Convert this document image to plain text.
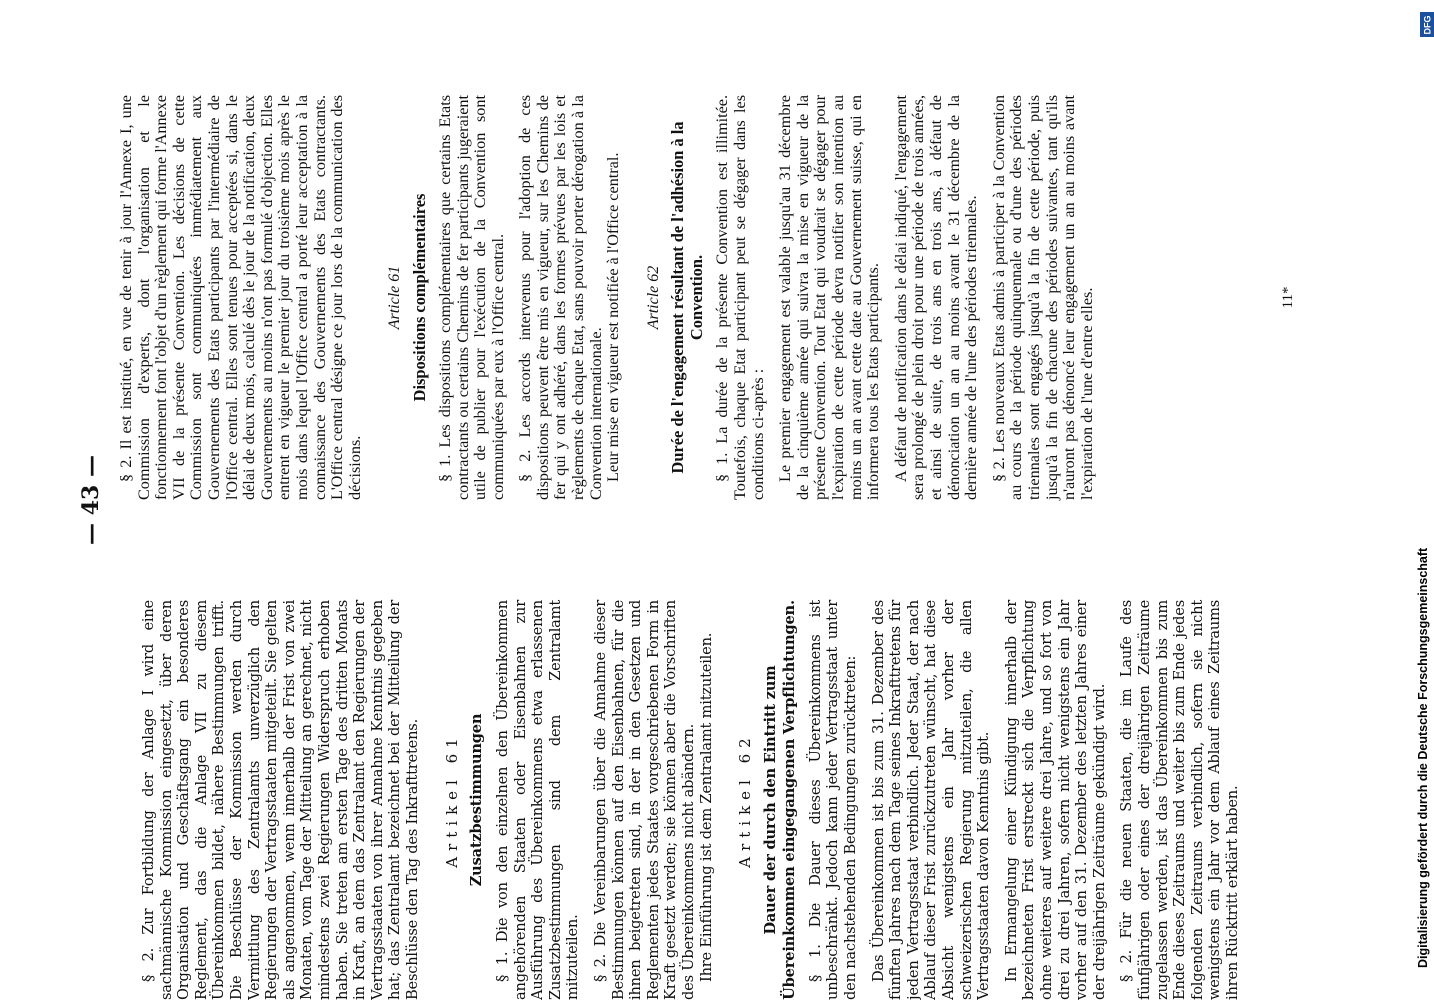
— 43 —

§ 2. Zur Fortbildung der Anlage I wird eine sachmännische Kommission eingesetzt, über deren Organisation und Geschäftsgang ein besonderes Reglement, das die Anlage VII zu diesem Übereinkommen bildet, nähere Bestimmungen trifft. Die Beschlüsse der Kommission werden durch Vermittlung des Zentralamts unverzüglich den Regierungen der Vertragsstaaten mitgeteilt. Sie gelten als angenommen, wenn innerhalb der Frist von zwei Monaten, vom Tage der Mitteilung an gerechnet, nicht mindestens zwei Regierungen Widerspruch erhoben haben. Sie treten am ersten Tage des dritten Monats in Kraft, an dem das Zentralamt den Regierungen der Vertragsstaaten von ihrer Annahme Kenntnis gegeben hat; das Zentralamt bezeichnet bei der Mitteilung der Beschlüsse den Tag des Inkrafttretens. Artikel 61 Zusatzbestimmungen § 1. Die von den einzelnen den Übereinkommen angehörenden Staaten oder Eisenbahnen zur Ausführung des Übereinkommens etwa erlassenen Zusatzbestimmungen sind dem Zentralamt mitzuteilen. § 2. Die Vereinbarungen über die Annahme dieser Bestimmungen können auf den Eisenbahnen, für die ihnen beigetreten sind, in der in den Gesetzen und Reglementen jedes Staates vorgeschriebenen Form in Kraft gesetzt werden; sie können aber die Vorschriften des Übereinkommens nicht abändern. Ihre Einführung ist dem Zentralamt mitzuteilen. Artikel 62 Dauer der durch den Eintritt zum Übereinkommen eingegangenen Verpflichtungen. § 1. Die Dauer dieses Übereinkommens ist unbeschränkt. Jedoch kann jeder Vertragsstaat unter den nachstehenden Bedingungen zurücktreten: Das Übereinkommen ist bis zum 31. Dezember des fünften Jahres nach dem Tage seines Inkrafttretens für jeden Vertragsstaat verbindlich. Jeder Staat, der nach Ablauf dieser Frist zurückzutreten wünscht, hat diese Absicht wenigstens ein Jahr vorher der schweizerischen Regierung mitzuteilen, die allen Vertragsstaaten davon Kenntnis gibt. In Ermangelung einer Kündigung innerhalb der bezeichneten Frist erstreckt sich die Verpflichtung ohne weiteres auf weitere drei Jahre, und so fort von drei zu drei Jahren, sofern nicht wenigstens ein Jahr vorher auf den 31. Dezember des letzten Jahres einer der dreijährigen Zeiträume gekündigt wird. § 2. Für die neuen Staaten, die im Laufe des fünfjährigen oder eines der dreijährigen Zeiträume zugelassen werden, ist das Übereinkommen bis zum Ende dieses Zeitraums und weiter bis zum Ende jedes folgenden Zeitraums verbindlich, sofern sie nicht wenigstens ein Jahr vor dem Ablauf eines Zeitraums ihren Rücktritt erklärt haben.

§ 2. Il est institué, en vue de tenir à jour l'Annexe I, une Commission d'experts, dont l'organisation et le fonctionnement font l'objet d'un règlement qui forme l'Annexe VII de la présente Convention. Les décisions de cette Commission sont communiquées immédiatement aux Gouvernements des Etats participants par l'intermédiaire de l'Office central. Elles sont tenues pour acceptées si, dans le délai de deux mois, calculé dès le jour de la notification, deux Gouvernements au moins n'ont pas formulé d'objection. Elles entrent en vigueur le premier jour du troisième mois après le mois dans lequel l'Office central a porté leur acceptation à la connaissance des Gouvernements des Etats contractants. L'Office central désigne ce jour lors de la communication des décisions.

Article 61 Dispositions complémentaires § 1. Les dispositions complémentaires que certains Etats contractants ou certains Chemins de fer participants jugeraient utile de publier pour l'exécution de la Convention sont communiquées par eux à l'Office central. § 2. Les accords intervenus pour l'adoption de ces dispositions peuvent être mis en vigueur, sur les Chemins de fer qui y ont adhéré, dans les formes prévues par les lois et règlements de chaque Etat, sans pouvoir porter dérogation à la Convention internationale. Leur mise en vigueur est notifiée à l'Office central. Article 62 Durée de l'engagement résultant de l'adhésion à la Convention. § 1. La durée de la présente Convention est illimitée. Toutefois, chaque Etat participant peut se dégager dans les conditions ci-après : Le premier engagement est valable jusqu'au 31 décembre de la cinquième année qui suivra la mise en vigueur de la présente Convention. Tout Etat qui voudrait se dégager pour l'expiration de cette période devra notifier son intention au moins un an avant cette date au Gouvernement suisse, qui en informera tous les Etats participants. A défaut de notification dans le délai indiqué, l'engagement sera prolongé de plein droit pour une période de trois années, et ainsi de suite, de trois ans en trois ans, à défaut de dénonciation un an au moins avant le 31 décembre de la dernière année de l'une des périodes triennales. § 2. Les nouveaux Etats admis à participer à la Convention au cours de la période quinquennale ou d'une des périodes triennales sont engagés jusqu'à la fin de cette période, puis jusqu'à la fin de chacune des périodes suivantes, tant qu'ils n'auront pas dénoncé leur engagement un an au moins avant l'expiration de l'une d'entre elles.	11*
Digitalisierung gefördert durch die Deutsche Forschungsgemeinschaft
DFG
